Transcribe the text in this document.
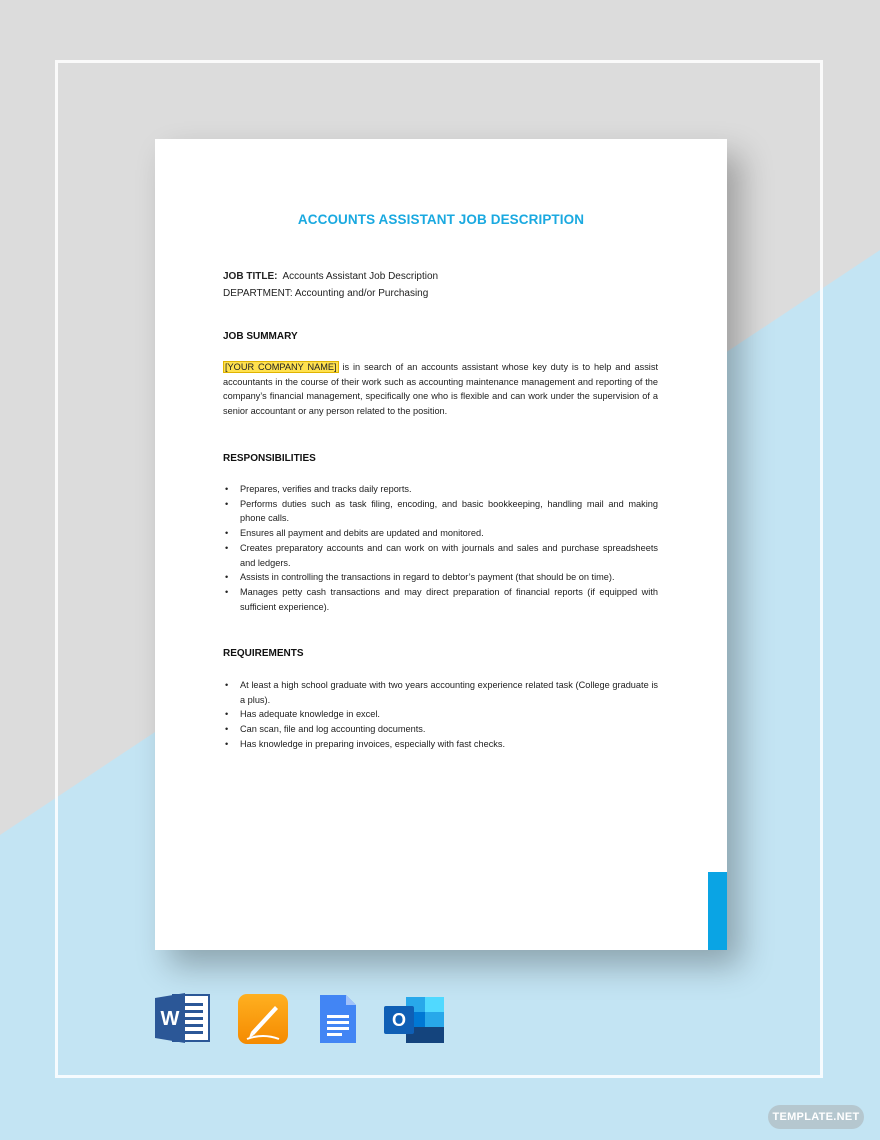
ACCOUNTS ASSISTANT JOB DESCRIPTION
JOB TITLE: Accounts Assistant Job Description
DEPARTMENT: Accounting and/or Purchasing
JOB SUMMARY
[YOUR COMPANY NAME] is in search of an accounts assistant whose key duty is to help and assist accountants in the course of their work such as accounting maintenance management and reporting of the company’s financial management, specifically one who is flexible and can work under the supervision of a senior accountant or any person related to the position.
RESPONSIBILITIES
• Prepares, verifies and tracks daily reports.
• Performs duties such as task filing, encoding, and basic bookkeeping, handling mail and making phone calls.
• Ensures all payment and debits are updated and monitored.
• Creates preparatory accounts and can work on with journals and sales and purchase spreadsheets and ledgers.
• Assists in controlling the transactions in regard to debtor’s payment (that should be on time).
• Manages petty cash transactions and may direct preparation of financial reports (if equipped with sufficient experience).
REQUIREMENTS
• At least a high school graduate with two years accounting experience related task (College graduate is a plus).
• Has adequate knowledge in excel.
• Can scan, file and log accounting documents.
• Has knowledge in preparing invoices, especially with fast checks.
W	O
TEMPLATE.NET
